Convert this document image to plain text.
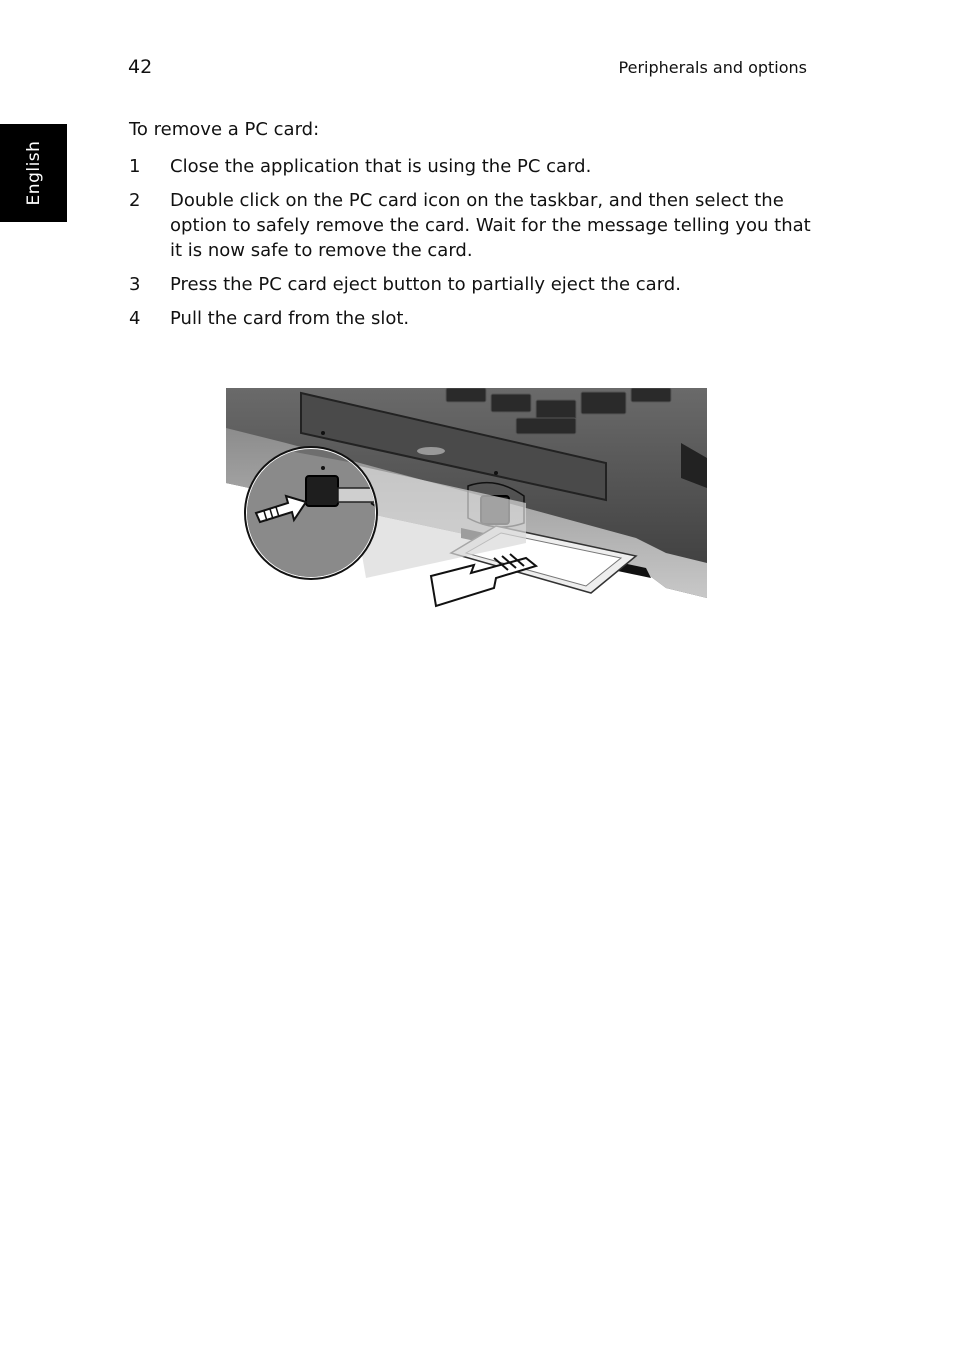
42	Peripherals and options
English
To remove a PC card:
1	Close the application that is using the PC card.
2	Double click on the PC card icon on the taskbar, and then select the option to safely remove the card. Wait for the message telling you that it is now safe to remove the card.
3	Press the PC card eject button to partially eject the card.
4	Pull the card from the slot.
